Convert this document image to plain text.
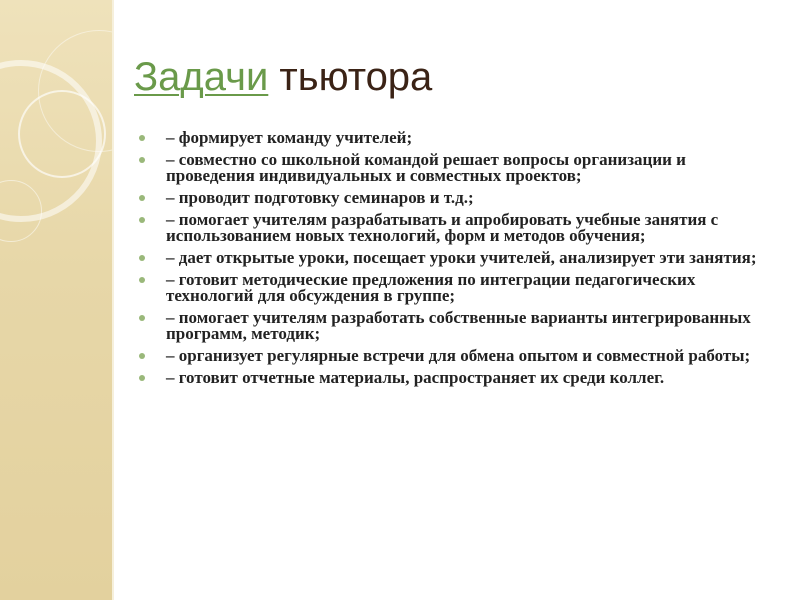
Задачи тьютора
– формирует команду учителей;
– совместно со школьной командой решает вопросы организации и проведения индивидуальных и совместных проектов;
– проводит подготовку семинаров и т.д.;
– помогает учителям разрабатывать и апробировать учебные занятия с использованием новых технологий, форм и методов обучения;
– дает открытые уроки, посещает уроки учителей, анализирует эти занятия;
– готовит методические предложения по интеграции педагогических технологий для обсуждения в группе;
– помогает учителям разработать собственные варианты интегрированных программ, методик;
– организует регулярные встречи для обмена опытом и совместной работы;
– готовит отчетные материалы, распространяет их среди коллег.
